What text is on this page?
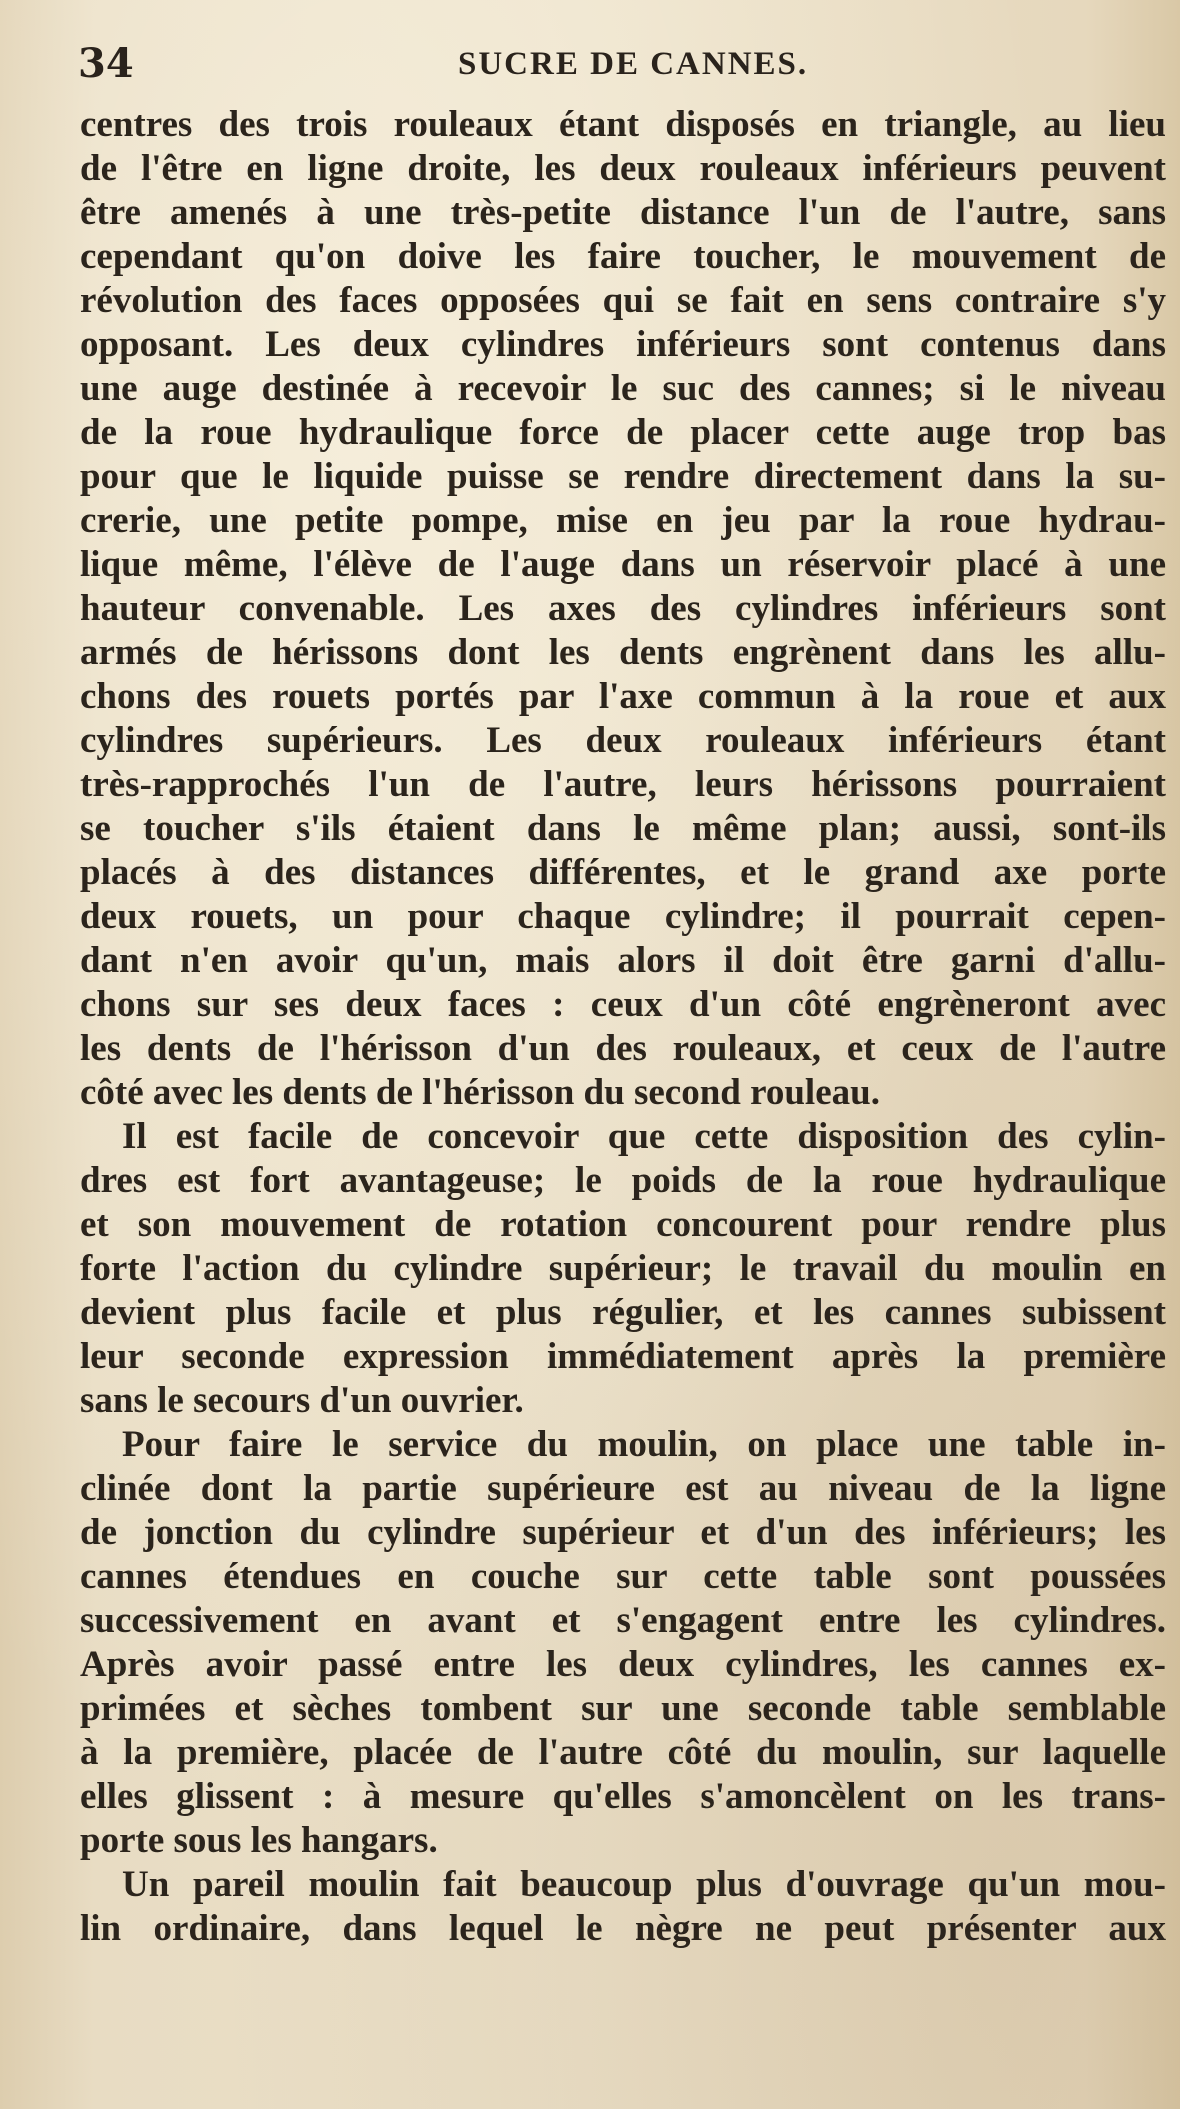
34	SUCRE DE CANNES.
centres des trois rouleaux étant disposés en triangle, au lieu
de l'être en ligne droite, les deux rouleaux inférieurs peuvent
être amenés à une très-petite distance l'un de l'autre, sans
cependant qu'on doive les faire toucher, le mouvement de
révolution des faces opposées qui se fait en sens contraire s'y
opposant. Les deux cylindres inférieurs sont contenus dans
une auge destinée à recevoir le suc des cannes; si le niveau
de la roue hydraulique force de placer cette auge trop bas
pour que le liquide puisse se rendre directement dans la su-
crerie, une petite pompe, mise en jeu par la roue hydrau-
lique même, l'élève de l'auge dans un réservoir placé à une
hauteur convenable. Les axes des cylindres inférieurs sont
armés de hérissons dont les dents engrènent dans les allu-
chons des rouets portés par l'axe commun à la roue et aux
cylindres supérieurs. Les deux rouleaux inférieurs étant
très-rapprochés l'un de l'autre, leurs hérissons pourraient
se toucher s'ils étaient dans le même plan; aussi, sont-ils
placés à des distances différentes, et le grand axe porte
deux rouets, un pour chaque cylindre; il pourrait cepen-
dant n'en avoir qu'un, mais alors il doit être garni d'allu-
chons sur ses deux faces : ceux d'un côté engrèneront avec
les dents de l'hérisson d'un des rouleaux, et ceux de l'autre
côté avec les dents de l'hérisson du second rouleau.
Il est facile de concevoir que cette disposition des cylin-
dres est fort avantageuse; le poids de la roue hydraulique
et son mouvement de rotation concourent pour rendre plus
forte l'action du cylindre supérieur; le travail du moulin en
devient plus facile et plus régulier, et les cannes subissent
leur seconde expression immédiatement après la première
sans le secours d'un ouvrier.
Pour faire le service du moulin, on place une table in-
clinée dont la partie supérieure est au niveau de la ligne
de jonction du cylindre supérieur et d'un des inférieurs; les
cannes étendues en couche sur cette table sont poussées
successivement en avant et s'engagent entre les cylindres.
Après avoir passé entre les deux cylindres, les cannes ex-
primées et sèches tombent sur une seconde table semblable
à la première, placée de l'autre côté du moulin, sur laquelle
elles glissent : à mesure qu'elles s'amoncèlent on les trans-
porte sous les hangars.
Un pareil moulin fait beaucoup plus d'ouvrage qu'un mou-
lin ordinaire, dans lequel le nègre ne peut présenter aux
